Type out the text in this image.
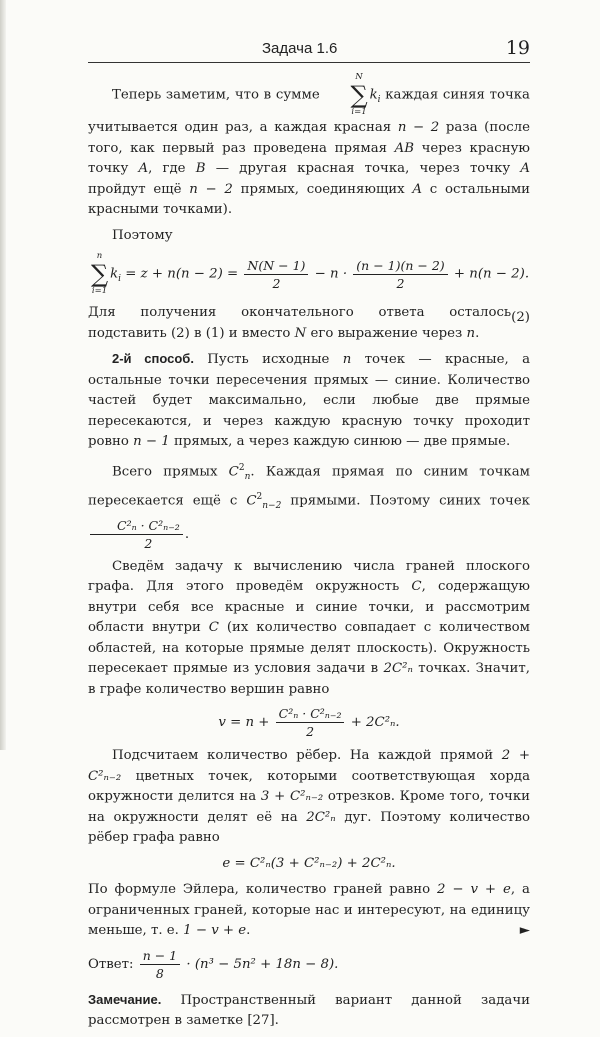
Задача 1.6	19

Теперь заметим, что в сумме
N
∑
i=1
$k_i$ каждая синяя точка учитывается один раз, а каждая красная n − 2 раза (после того, как первый раз проведена прямая AB через красную точку A, где B — другая красная точка, через точку A пройдут ещё n − 2 прямых, соединяющих A с остальными красными точками).

Поэтому

n
∑
i=1
$k_i = z + n(n - 2) = \frac{N(N - 1)}{2} - n \cdot \frac{(n - 1)(n - 2)}{2} + n(n - 2)$.
(2)

Для получения окончательного ответа осталось подставить (2) в (1) и вместо N его выражение через n.

2-й способ. Пусть исходные n точек — красные, а остальные точки пересечения прямых — синие. Количество частей будет максимально, если любые две прямые пересекаются, и через каждую красную точку проходит ровно n − 1 прямых, а через каждую синюю — две прямые.

Всего прямых $C^2_n$. Каждая прямая по синим точкам пересекается ещё с $C^2_{n-2}$ прямыми. Поэтому синих точек
$\frac{\text{C²ₙ · C²ₙ₋₂}}{2}$ .

Сведём задачу к вычислению числа граней плоского графа. Для этого проведём окружность C, содержащую внутри себя все красные и синие точки, и рассмотрим области внутри C (их количество совпадает с количеством областей, на которые прямые делят плоскость). Окружность пересекает прямые из условия задачи в 2C²ₙ точках. Значит, в графе количество вершин равно

$v = n + \frac{\text{C²ₙ · C²ₙ₋₂}}{2} + 2C^2_n$.

Подсчитаем количество рёбер. На каждой прямой 2 + C²ₙ₋₂ цветных точек, которыми соответствующая хорда окружности делится на 3 + C²ₙ₋₂ отрезков. Кроме того, точки на окружности делят её на 2C²ₙ дуг. Поэтому количество рёбер графа равно

e = C²ₙ(3 + C²ₙ₋₂) + 2C²ₙ.

По формуле Эйлера, количество граней равно 2 − v + e, а ограниченных граней, которые нас и интересуют, на единицу меньше, т. е. 1 − v + e.	►

Ответ: $\frac{n - 1}{8} \cdot (n^3 - 5n^2 + 18n - 8)$.

Замечание. Пространственный вариант данной задачи рассмотрен в заметке [27].
